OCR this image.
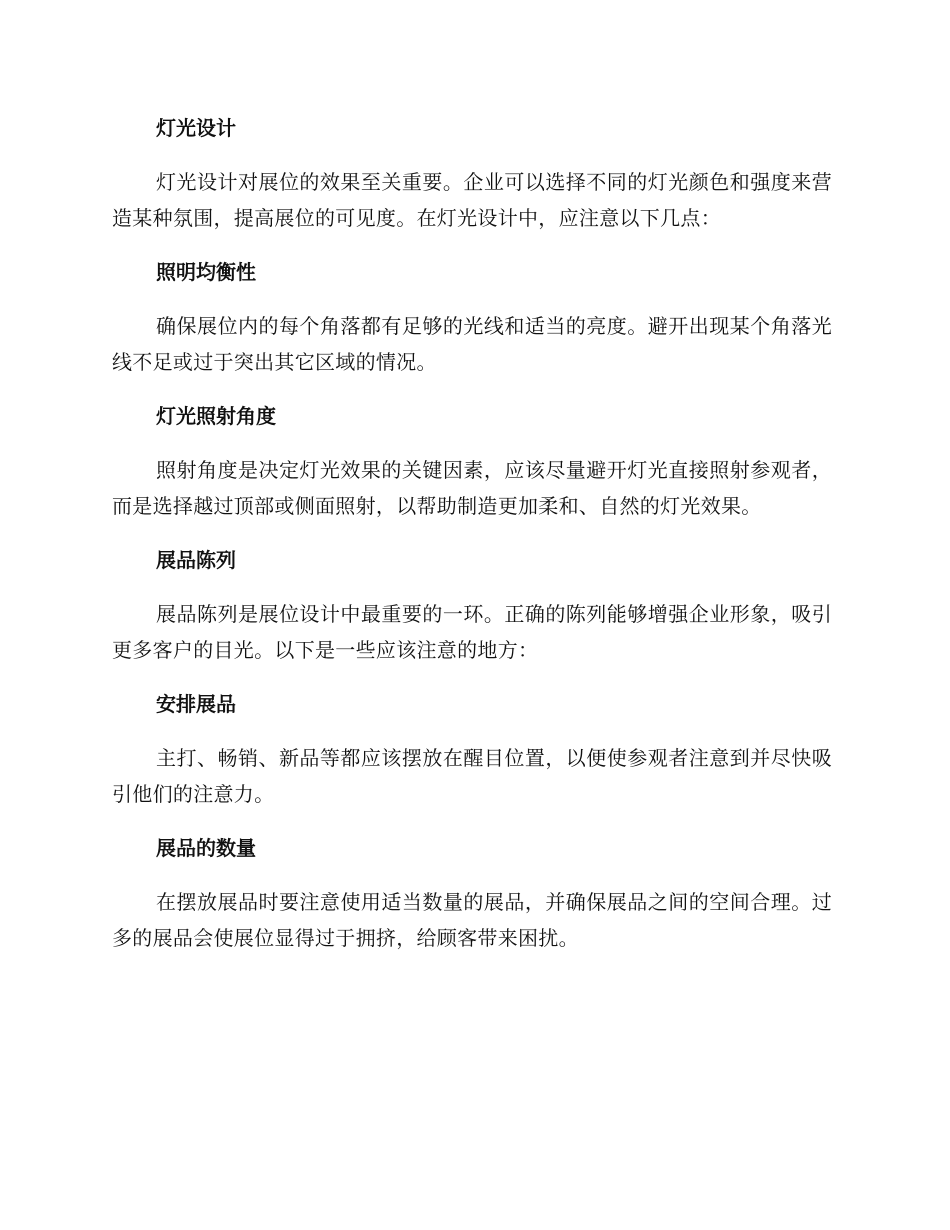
灯光设计

灯光设计对展位的效果至关重要。企业可以选择不同的灯光颜色和强度来营造某种氛围，提高展位的可见度。在灯光设计中，应注意以下几点：

照明均衡性

确保展位内的每个角落都有足够的光线和适当的亮度。避开出现某个角落光线不足或过于突出其它区域的情况。

灯光照射角度

照射角度是决定灯光效果的关键因素，应该尽量避开灯光直接照射参观者，而是选择越过顶部或侧面照射，以帮助制造更加柔和、自然的灯光效果。

展品陈列

展品陈列是展位设计中最重要的一环。正确的陈列能够增强企业形象，吸引更多客户的目光。以下是一些应该注意的地方：

安排展品

主打、畅销、新品等都应该摆放在醒目位置，以便使参观者注意到并尽快吸引他们的注意力。

展品的数量

在摆放展品时要注意使用适当数量的展品，并确保展品之间的空间合理。过多的展品会使展位显得过于拥挤，给顾客带来困扰。
